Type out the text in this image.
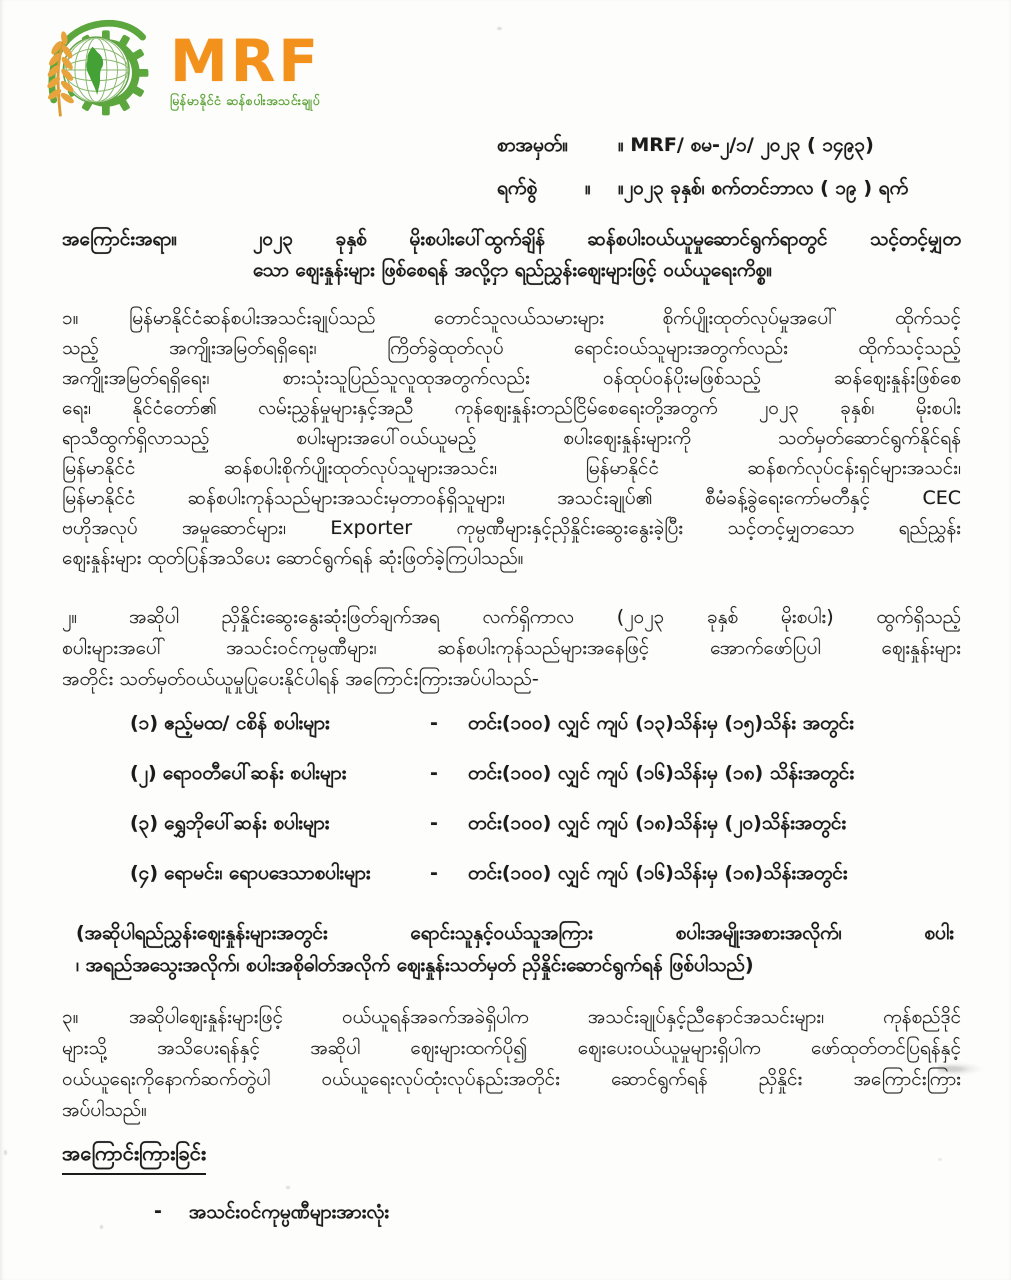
MRF
မြန်မာနိုင်ငံ ဆန်စပါးအသင်းချုပ်
စာအမှတ်။	။ MRF/ စမ-၂/၁/ ၂၀၂၃ ( ၁၄၉၃)
ရက်စွဲ	။	။၂၀၂၃ ခုနှစ်၊ စက်တင်ဘာလ ( ၁၉ ) ရက်
အကြောင်းအရာ။	၂၀၂၃ ခုနှစ် မိုးစပါးပေါ်ထွက်ချိန် ဆန်စပါးဝယ်ယူမှုဆောင်ရွက်ရာတွင် သင့်တင့်မျှတ
သော ဈေးနှုန်းများ ဖြစ်စေရန် အလို့ငှာ ရည်ညွှန်းဈေးများဖြင့် ဝယ်ယူရေးကိစ္စ။
၁။	မြန်မာနိုင်ငံဆန်စပါးအသင်းချုပ်သည် တောင်သူလယ်သမားများ စိုက်ပျိုးထုတ်လုပ်မှုအပေါ် ထိုက်သင့်
သည့် အကျိုးအမြတ်ရရှိရေး၊ ကြိတ်ခွဲထုတ်လုပ် ရောင်းဝယ်သူများအတွက်လည်း ထိုက်သင့်သည့်
အကျိုးအမြတ်ရရှိရေး၊ စားသုံးသူပြည်သူလူထုအတွက်လည်း ဝန်ထုပ်ဝန်ပိုးမဖြစ်သည့် ဆန်ဈေးနှုန်းဖြစ်စေ
ရေး၊ နိုင်ငံတော်၏ လမ်းညွှန်မှုများနှင့်အညီ ကုန်ဈေးနှုန်းတည်ငြိမ်စေရေးတို့အတွက် ၂၀၂၃ ခုနှစ်၊ မိုးစပါး
ရာသီထွက်ရှိလာသည့် စပါးများအပေါ်ဝယ်ယူမည့် စပါးဈေးနှုန်းများကို သတ်မှတ်ဆောင်ရွက်နိုင်ရန်
မြန်မာနိုင်ငံ ဆန်စပါးစိုက်ပျိုးထုတ်လုပ်သူများအသင်း၊ မြန်မာနိုင်ငံ ဆန်စက်လုပ်ငန်းရှင်များအသင်း၊
မြန်မာနိုင်ငံ ဆန်စပါးကုန်သည်များအသင်းမှတာဝန်ရှိသူများ၊ အသင်းချုပ်၏ စီမံခန့်ခွဲရေးကော်မတီနှင့် CEC
ဗဟိုအလုပ် အမှုဆောင်များ၊ Exporter ကုမ္ပဏီများနှင့်ညှိနှိုင်းဆွေးနွေးခဲ့ပြီး သင့်တင့်မျှတသော ရည်ညွှန်း
ဈေးနှုန်းများ ထုတ်ပြန်အသိပေး ဆောင်ရွက်ရန် ဆုံးဖြတ်ခဲ့ကြပါသည်။
၂။	အဆိုပါ ညှိနှိုင်းဆွေးနွေးဆုံးဖြတ်ချက်အရ လက်ရှိကာလ (၂၀၂၃ ခုနှစ် မိုးစပါး) ထွက်ရှိသည့်
စပါးများအပေါ် အသင်းဝင်ကုမ္ပဏီများ၊ ဆန်စပါးကုန်သည်များအနေဖြင့် အောက်ဖော်ပြပါ ဈေးနှုန်းများ
အတိုင်း သတ်မှတ်ဝယ်ယူမှုပြုပေးနိုင်ပါရန် အကြောင်းကြားအပ်ပါသည်-
(၁) ဧည့်မထ/ ငစိန် စပါးများ	-	တင်း(၁၀၀) လျှင် ကျပ် (၁၃)သိန်းမှ (၁၅)သိန်း အတွင်း
(၂) ရောဝတီပေါ်ဆန်း စပါးများ	-	တင်း(၁၀၀) လျှင် ကျပ် (၁၆)သိန်းမှ (၁၈) သိန်းအတွင်း
(၃) ရွှေဘိုပေါ်ဆန်း စပါးများ	-	တင်း(၁၀၀) လျှင် ကျပ် (၁၈)သိန်းမှ (၂၀)သိန်းအတွင်း
(၄) ရောမင်း၊ ရောပဒေသာစပါးများ	-	တင်း(၁၀၀) လျှင် ကျပ် (၁၆)သိန်းမှ (၁၈)သိန်းအတွင်း
(အဆိုပါရည်ညွှန်းဈေးနှုန်းများအတွင်း ရောင်းသူနှင့်ဝယ်သူအကြား စပါးအမျိုးအစားအလိုက်၊ စပါး
၊ အရည်အသွေးအလိုက်၊ စပါးအစိုဓါတ်အလိုက် ဈေးနှုန်းသတ်မှတ် ညှိနှိုင်းဆောင်ရွက်ရန် ဖြစ်ပါသည်)
၃။	အဆိုပါဈေးနှုန်းများဖြင့် ဝယ်ယူရန်အခက်အခဲရှိပါက အသင်းချုပ်နှင့်ညီနောင်အသင်းများ၊ ကုန်စည်ဒိုင်
များသို့ အသိပေးရန်နှင့် အဆိုပါ ဈေးများထက်ပို၍ ဈေးပေးဝယ်ယူမှုများရှိပါက ဖော်ထုတ်တင်ပြရန်နှင့်
ဝယ်ယူရေးကိုနောက်ဆက်တွဲပါ ဝယ်ယူရေးလုပ်ထုံးလုပ်နည်းအတိုင်း ဆောင်ရွက်ရန် ညှိနှိုင်း အကြောင်းကြား
အပ်ပါသည်။
အကြောင်းကြားခြင်း
- အသင်းဝင်ကုမ္ပဏီများအားလုံး
